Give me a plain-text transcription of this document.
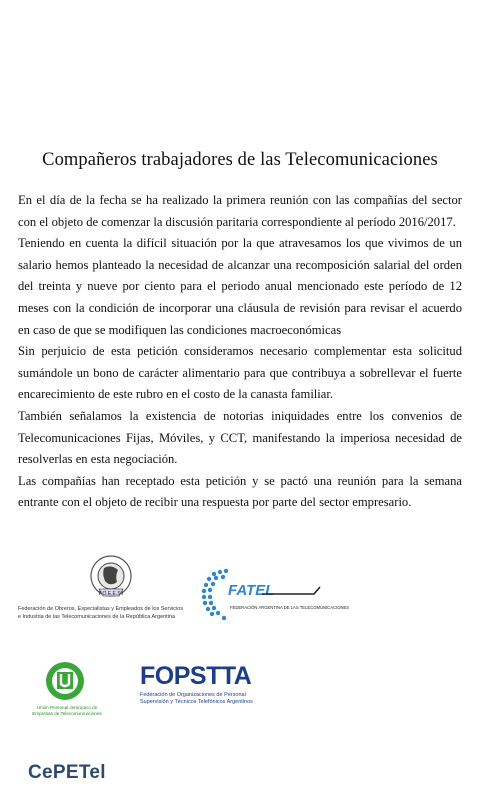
Compañeros trabajadores de las Telecomunicaciones

En el día de la fecha se ha realizado la primera reunión con las compañías del sector con el objeto de comenzar la discusión paritaria correspondiente al período 2016/2017.

Teniendo en cuenta la difícil situación por la que atravesamos los que vivimos de un salario hemos planteado la necesidad de alcanzar una recomposición salarial del orden del treinta y nueve por ciento para el periodo anual mencionado este período de 12 meses con la condición de incorporar una cláusula de revisión para revisar el acuerdo en caso de que se modifiquen las condiciones macroeconómicas

Sin perjuicio de esta petición consideramos necesario complementar esta solicitud sumándole un bono de carácter alimentario para que contribuya a sobrellevar el fuerte encarecimiento de este rubro en el costo de la canasta familiar.

También señalamos la existencia de notorias iniquidades entre los convenios de Telecomunicaciones Fijas, Móviles, y CCT, manifestando la imperiosa necesidad de resolverlas en esta negociación.

Las compañías han receptado esta petición y se pactó una reunión para la semana entrante con el objeto de recibir una respuesta por parte del sector empresario.

F.O.E.E.S.I
Federación de Obreros, Especialistas y Empleados de los Servicios
e Industria de las Telecomunicaciones de la República Argentina
FATEL
FEDERACIÓN ARGENTINA DE LAS TELECOMUNICACIONES
Unión Personal Jerárquico de
Empresas de Telecomunicaciones
FOPSTTA
Federación de Organizaciones de Personal
Supervisión y Técnicos Telefónicos Argentinos
CePETel
